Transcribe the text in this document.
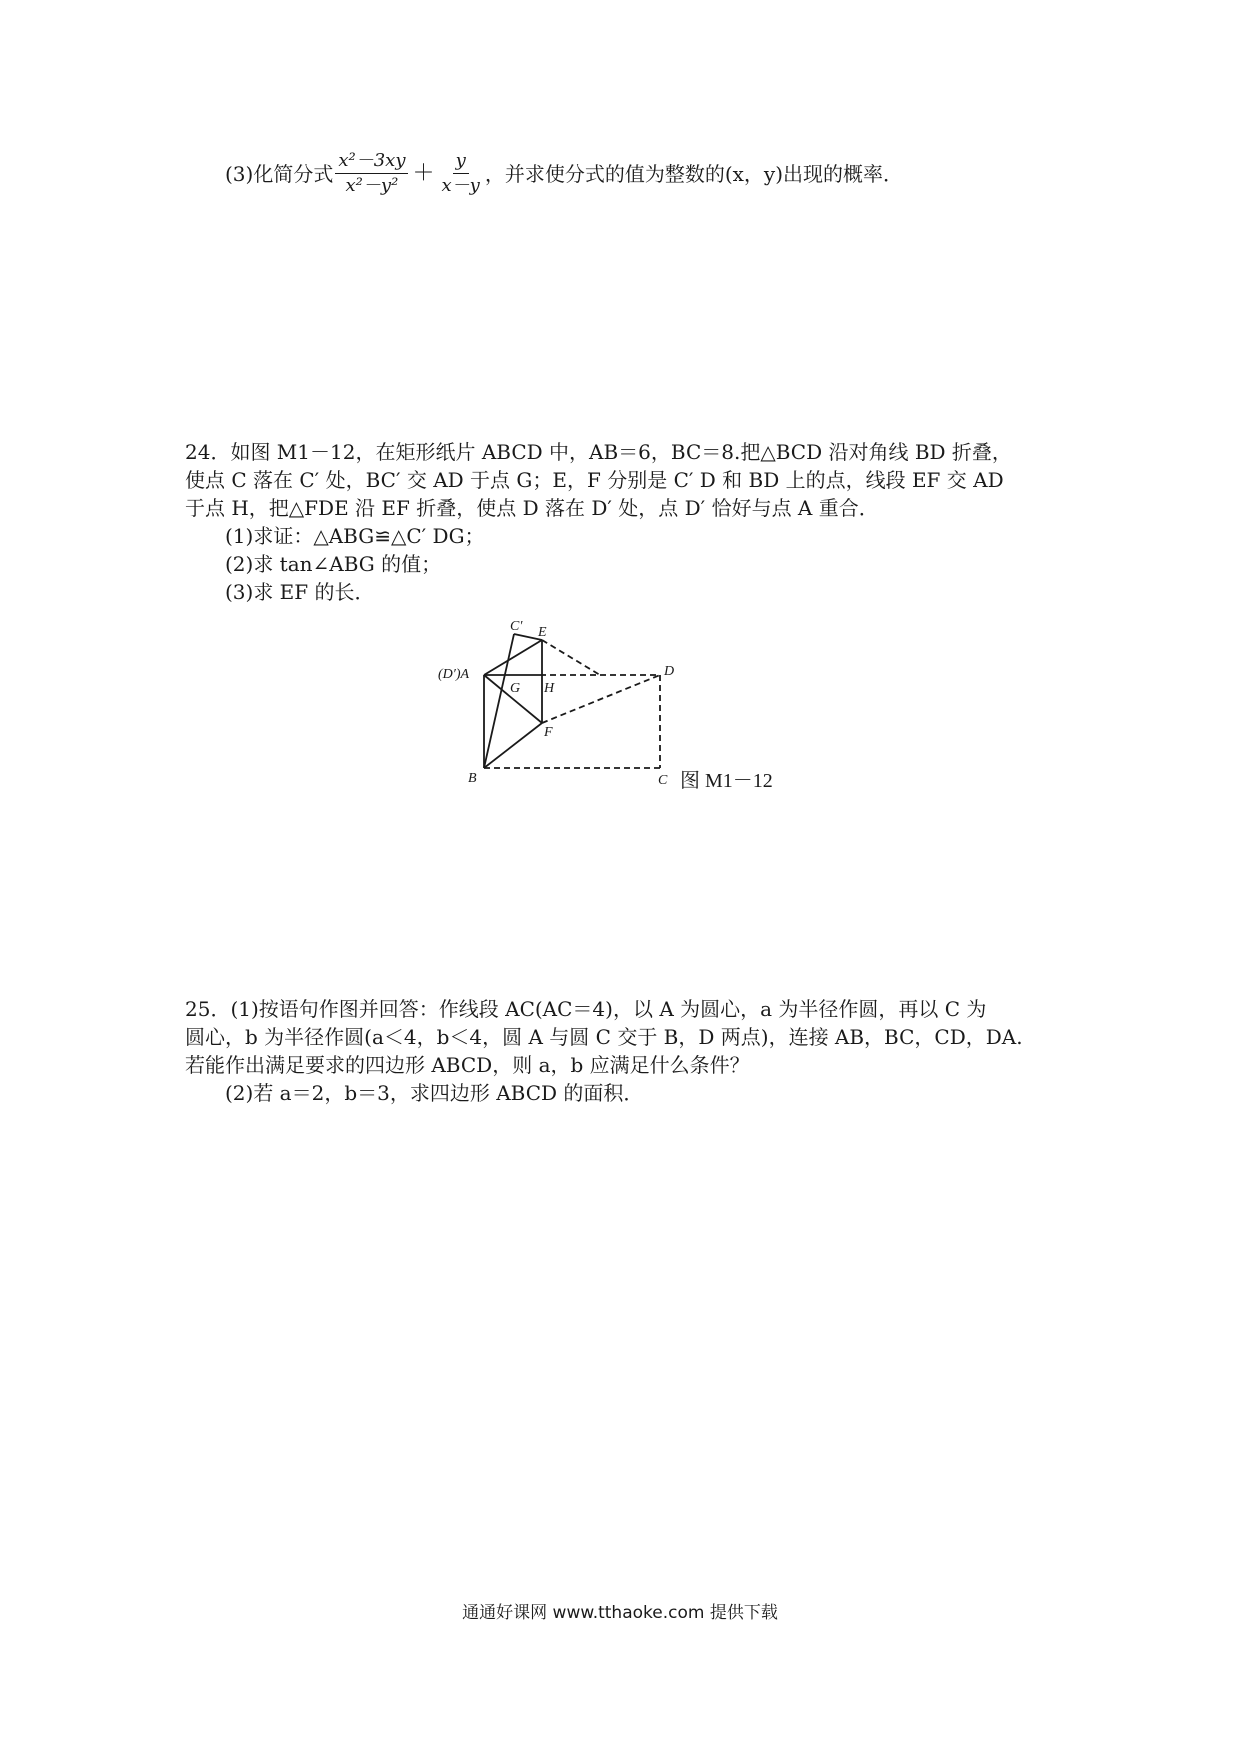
(3)化简分式 $\frac{\text{x²－3xy}}{\text{x²－y²}} + \frac{y}{x-y}$ ，并求使分式的值为整数的(x，y)出现的概率．
24．如图 M1－12，在矩形纸片 ABCD 中，AB＝6，BC＝8.把△BCD 沿对角线 BD 折叠，
使点 C 落在 C′ 处，BC′ 交 AD 于点 G；E，F 分别是 C′ D 和 BD 上的点，线段 EF 交 AD
于点 H，把△FDE 沿 EF 折叠，使点 D 落在 D′ 处，点 D′ 恰好与点 A 重合．
(1)求证：△ABG≌△C′ DG；
(2)求 tan∠ABG 的值；
(3)求 EF 的长．
C′ E
(D′)A
G H
D
F
B	C 图 M1－12
25．(1)按语句作图并回答：作线段 AC(AC＝4)，以 A 为圆心，a 为半径作圆，再以 C 为
圆心，b 为半径作圆(a＜4，b＜4，圆 A 与圆 C 交于 B，D 两点)，连接 AB，BC，CD，DA.
若能作出满足要求的四边形 ABCD，则 a，b 应满足什么条件？
(2)若 a＝2，b＝3，求四边形 ABCD 的面积．
通通好课网 www.tthaoke.com 提供下载
